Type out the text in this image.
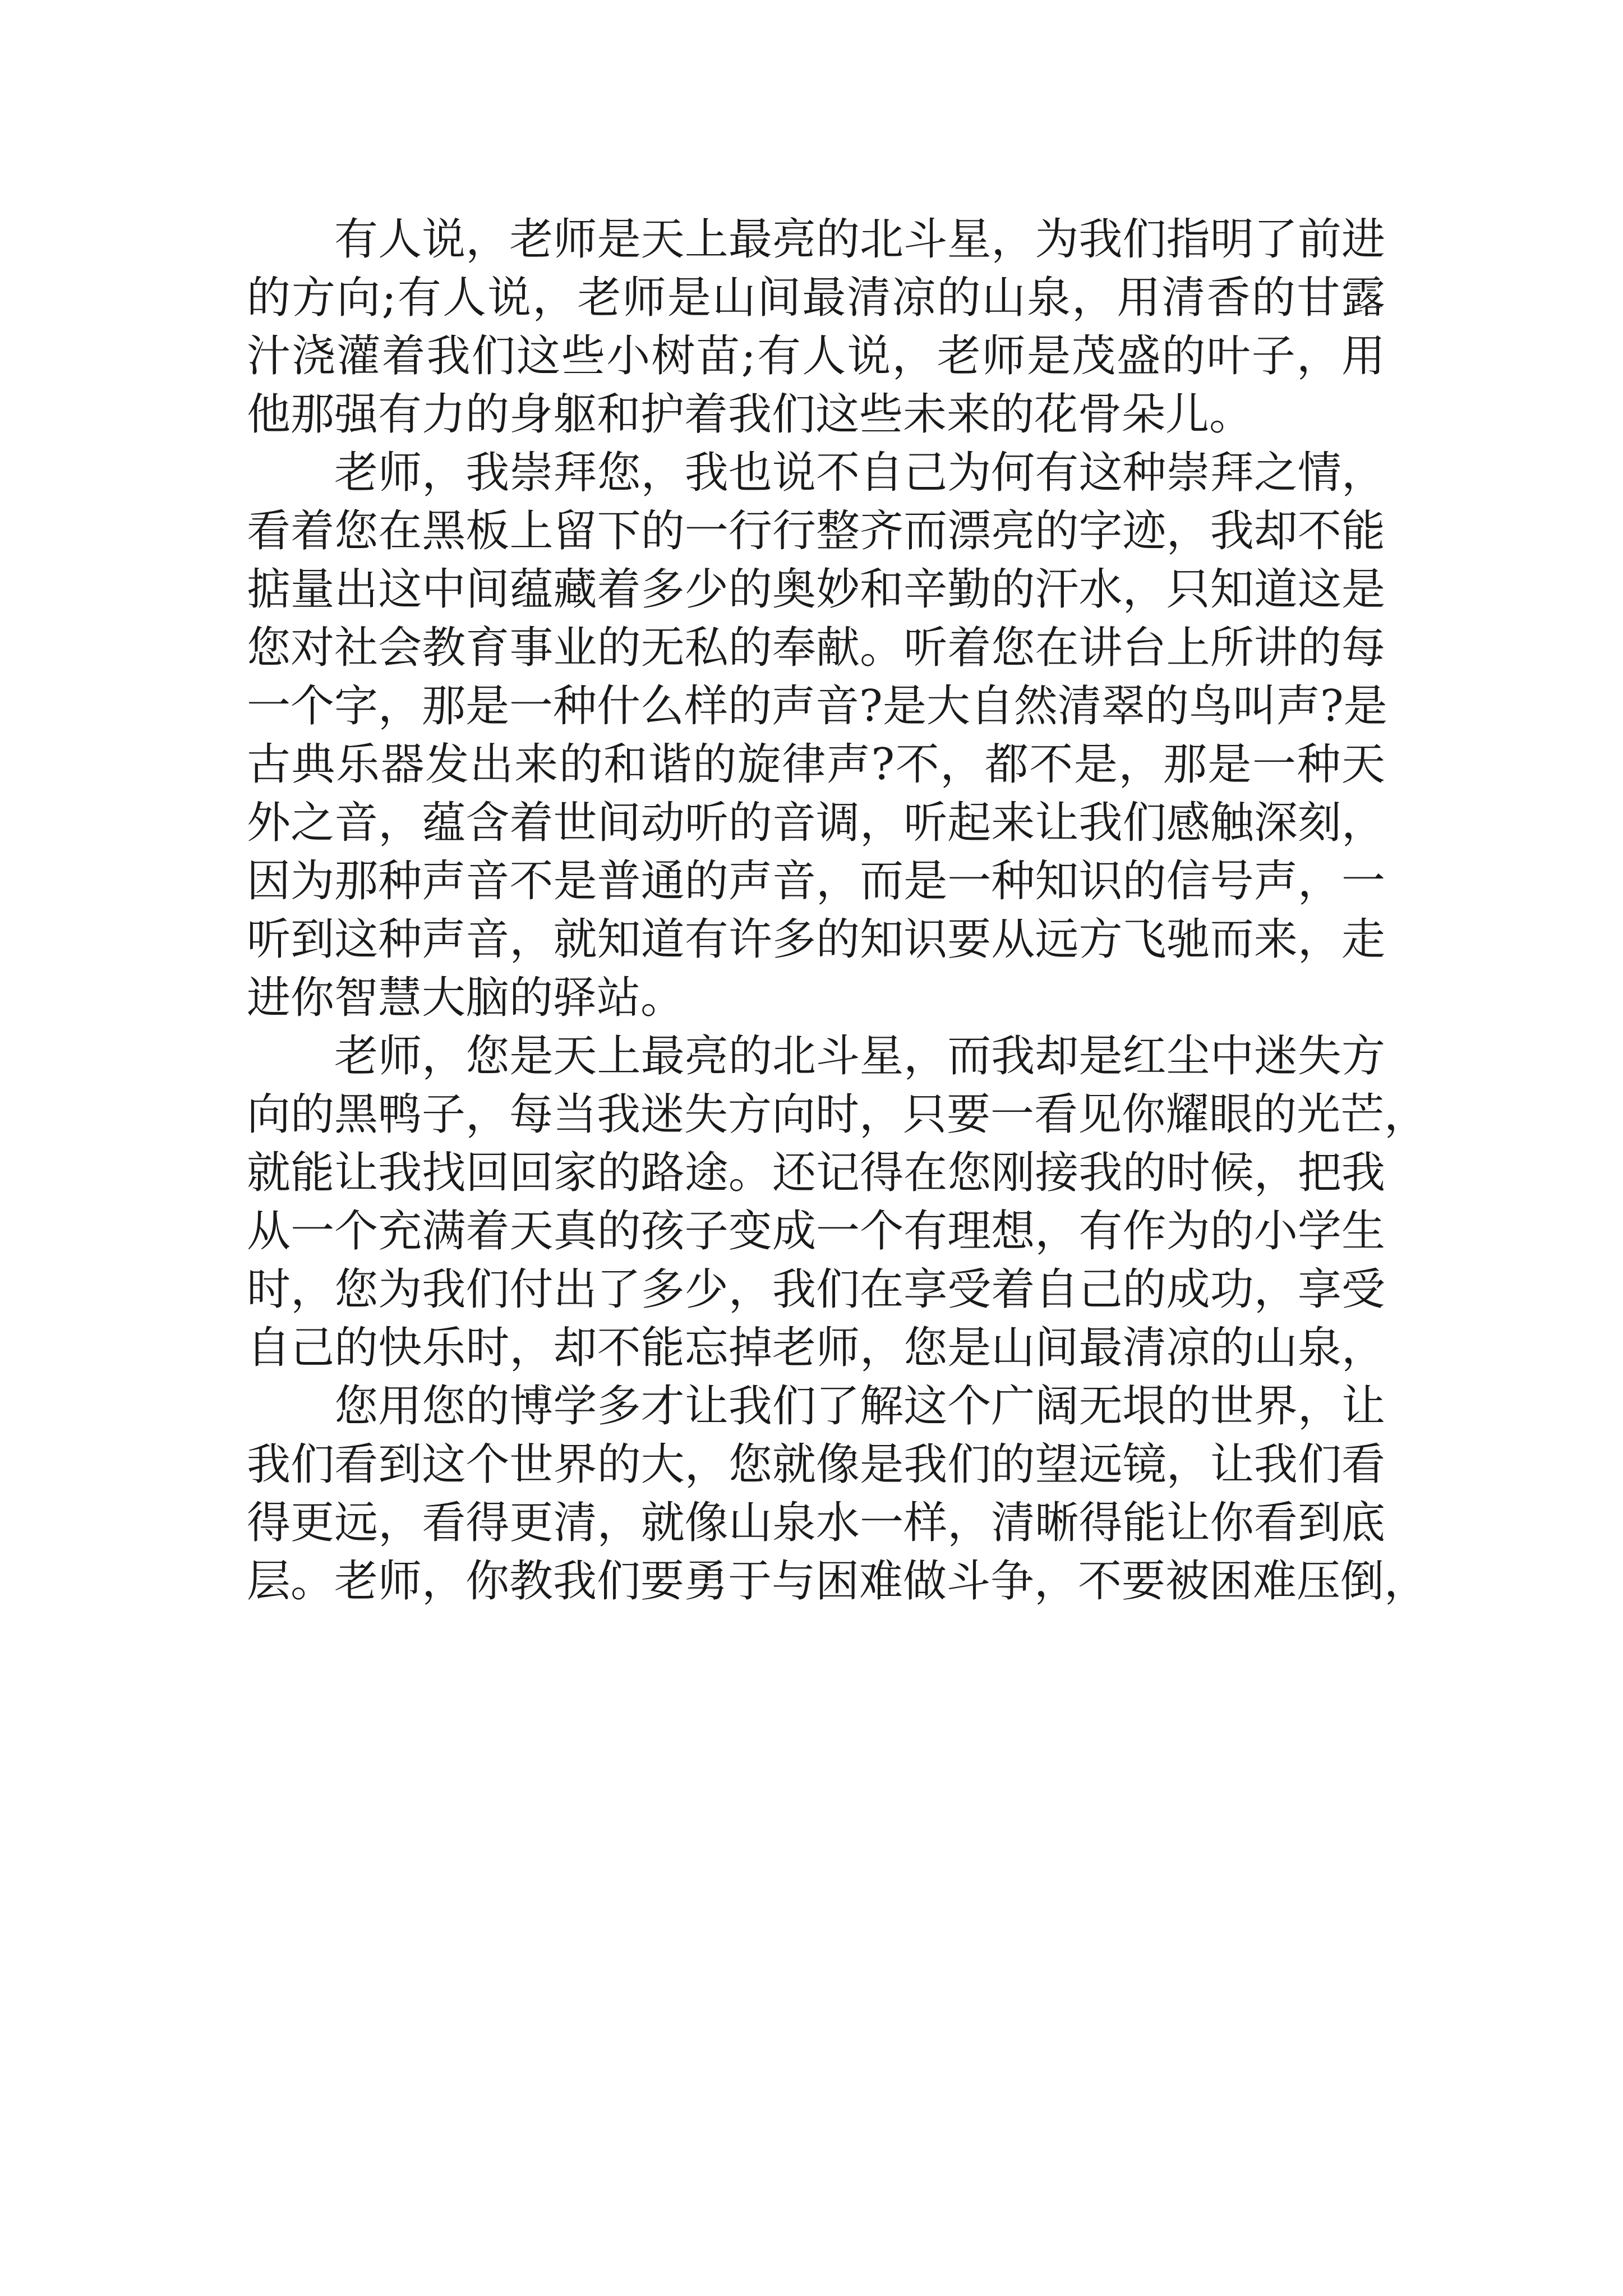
有人说，老师是天上最亮的北斗星，为我们指明了前进
的方向;有人说，老师是山间最清凉的山泉，用清香的甘露
汁浇灌着我们这些小树苗;有人说，老师是茂盛的叶子，用
他那强有力的身躯和护着我们这些未来的花骨朵儿。
老师，我崇拜您，我也说不自己为何有这种崇拜之情，
看着您在黑板上留下的一行行整齐而漂亮的字迹，我却不能
掂量出这中间蕴藏着多少的奥妙和辛勤的汗水，只知道这是
您对社会教育事业的无私的奉献。听着您在讲台上所讲的每
一个字，那是一种什么样的声音?是大自然清翠的鸟叫声?是
古典乐器发出来的和谐的旋律声?不，都不是，那是一种天
外之音，蕴含着世间动听的音调，听起来让我们感触深刻，
因为那种声音不是普通的声音，而是一种知识的信号声，一
听到这种声音，就知道有许多的知识要从远方飞驰而来，走
进你智慧大脑的驿站。
老师，您是天上最亮的北斗星，而我却是红尘中迷失方
向的黑鸭子，每当我迷失方向时，只要一看见你耀眼的光芒，
就能让我找回回家的路途。还记得在您刚接我的时候，把我
从一个充满着天真的孩子变成一个有理想，有作为的小学生
时，您为我们付出了多少，我们在享受着自己的成功，享受
自己的快乐时，却不能忘掉老师，您是山间最清凉的山泉，
您用您的博学多才让我们了解这个广阔无垠的世界，让
我们看到这个世界的大，您就像是我们的望远镜，让我们看
得更远，看得更清，就像山泉水一样，清晰得能让你看到底
层。老师，你教我们要勇于与困难做斗争，不要被困难压倒，
